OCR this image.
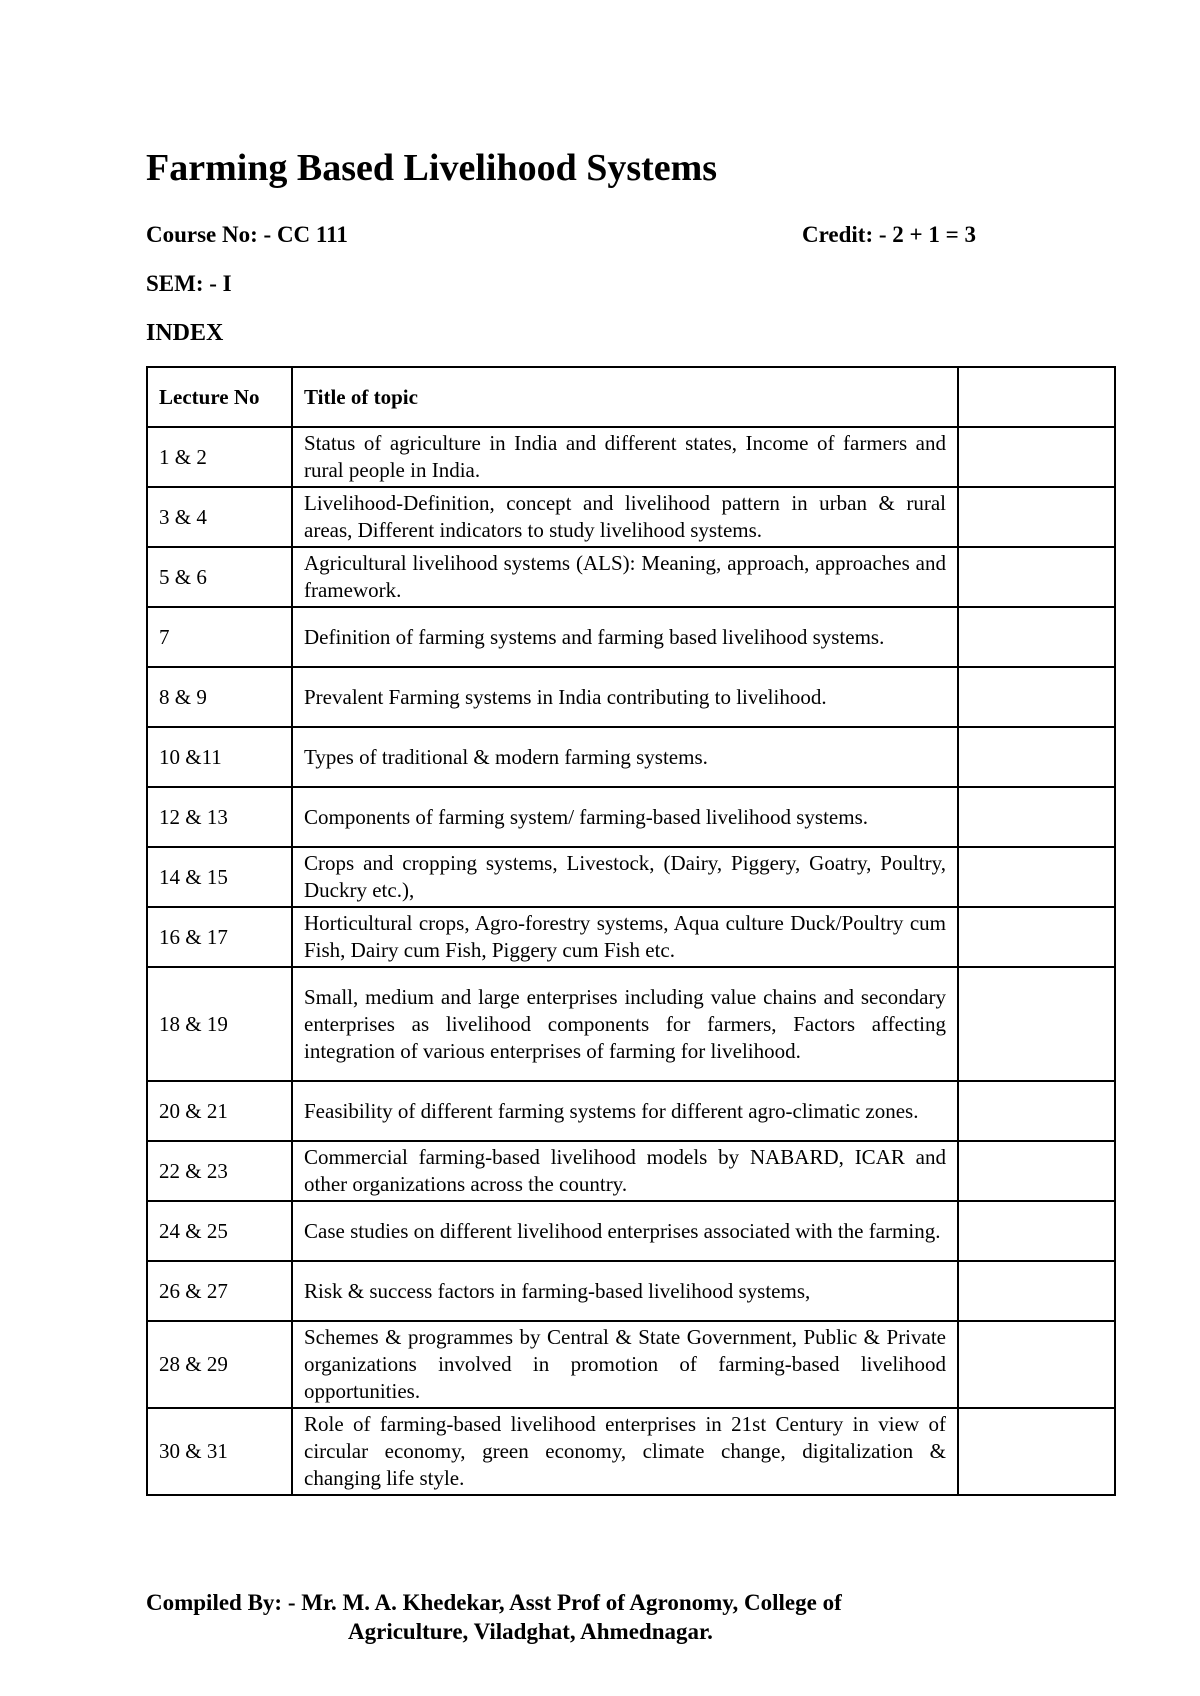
Farming Based Livelihood Systems
Course No: - CC 111	Credit: - 2 + 1 = 3
SEM: - I
INDEX
Lecture No	Title of topic	
1 & 2	Status of agriculture in India and different states, Income of farmers and rural people in India.	
3 & 4	Livelihood-Definition, concept and livelihood pattern in urban & rural areas, Different indicators to study livelihood systems.	
5 & 6	Agricultural livelihood systems (ALS): Meaning, approach, approaches and framework.	
7	Definition of farming systems and farming based livelihood systems.	
8 & 9	Prevalent Farming systems in India contributing to livelihood.	
10 &11	Types of traditional & modern farming systems.	
12 & 13	Components of farming system/ farming-based livelihood systems.	
14 & 15	Crops and cropping systems, Livestock, (Dairy, Piggery, Goatry, Poultry, Duckry etc.),	
16 & 17	Horticultural crops, Agro-forestry systems, Aqua culture Duck/Poultry cum Fish, Dairy cum Fish, Piggery cum Fish etc.	
18 & 19	Small, medium and large enterprises including value chains and secondary enterprises as livelihood components for farmers, Factors affecting integration of various enterprises of farming for livelihood.	
20 & 21	Feasibility of different farming systems for different agro-climatic zones.	
22 & 23	Commercial farming-based livelihood models by NABARD, ICAR and other organizations across the country.	
24 & 25	Case studies on different livelihood enterprises associated with the farming.	
26 & 27	Risk & success factors in farming-based livelihood systems,	
28 & 29	Schemes & programmes by Central & State Government, Public & Private organizations involved in promotion of farming-based livelihood opportunities.	
30 & 31	Role of farming-based livelihood enterprises in 21st Century in view of circular economy, green economy, climate change, digitalization & changing life style.	
Compiled By: - Mr. M. A. Khedekar, Asst Prof of Agronomy, College of
Agriculture, Viladghat, Ahmednagar.
